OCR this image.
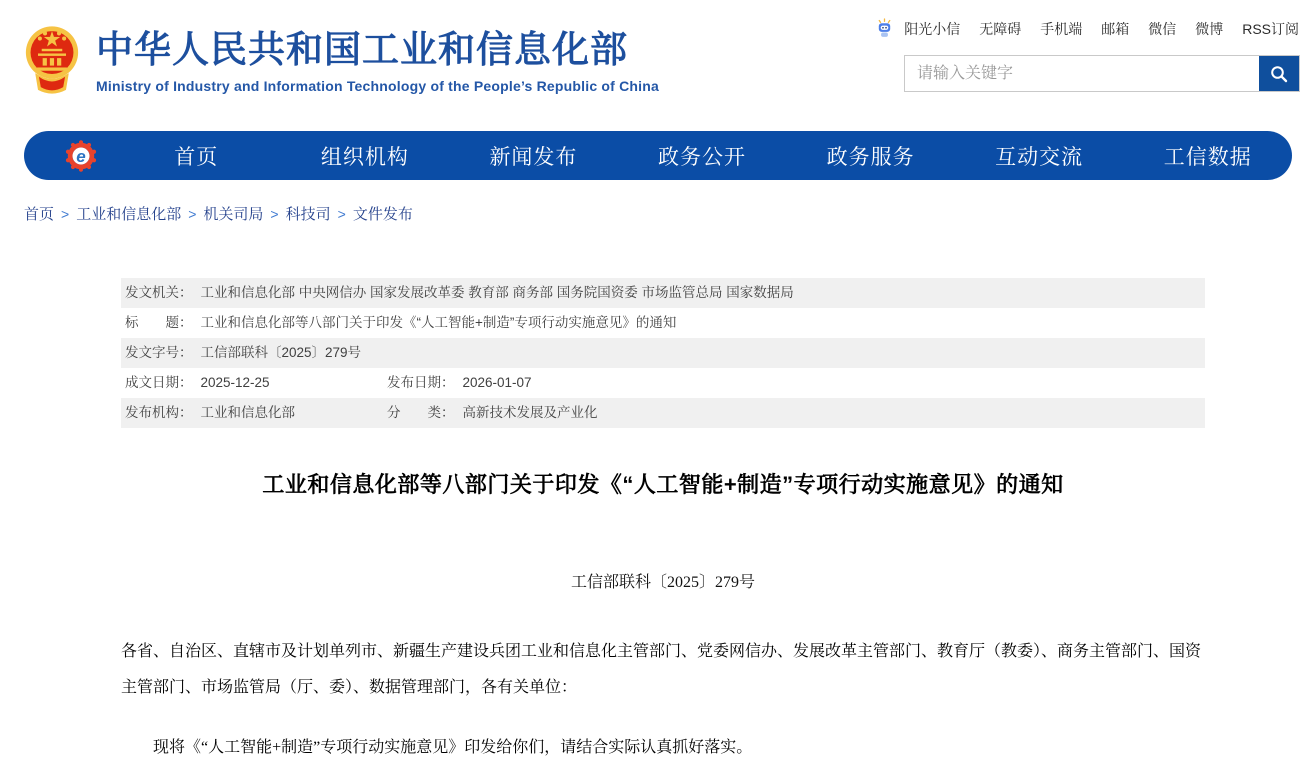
中华人民共和国工业和信息化部
Ministry of Industry and Information Technology of the People’s Republic of China
阳光小信 无障碍 手机端 邮箱 微信 微博 RSS订阅
请输入关键字
e	首页	组织机构	新闻发布	政务公开	政务服务	互动交流	工信数据
首页 > 工业和信息化部 > 机关司局 > 科技司 > 文件发布
发文机关： 工业和信息化部 中央网信办 国家发展改革委 教育部 商务部 国务院国资委 市场监管总局 国家数据局
标　　题： 工业和信息化部等八部门关于印发《“人工智能+制造”专项行动实施意见》的通知
发文字号： 工信部联科〔2025〕279号
成文日期： 2025-12-25	发布日期： 2026-01-07
发布机构： 工业和信息化部	分　　类： 高新技术发展及产业化
工业和信息化部等八部门关于印发《“人工智能+制造”专项行动实施意见》的通知
工信部联科〔2025〕279号

各省、自治区、直辖市及计划单列市、新疆生产建设兵团工业和信息化主管部门、党委网信办、发展改革主管部门、教育厅（教委）、商务主管部门、国资主管部门、市场监管局（厅、委）、数据管理部门，各有关单位：

现将《“人工智能+制造”专项行动实施意见》印发给你们，请结合实际认真抓好落实。
